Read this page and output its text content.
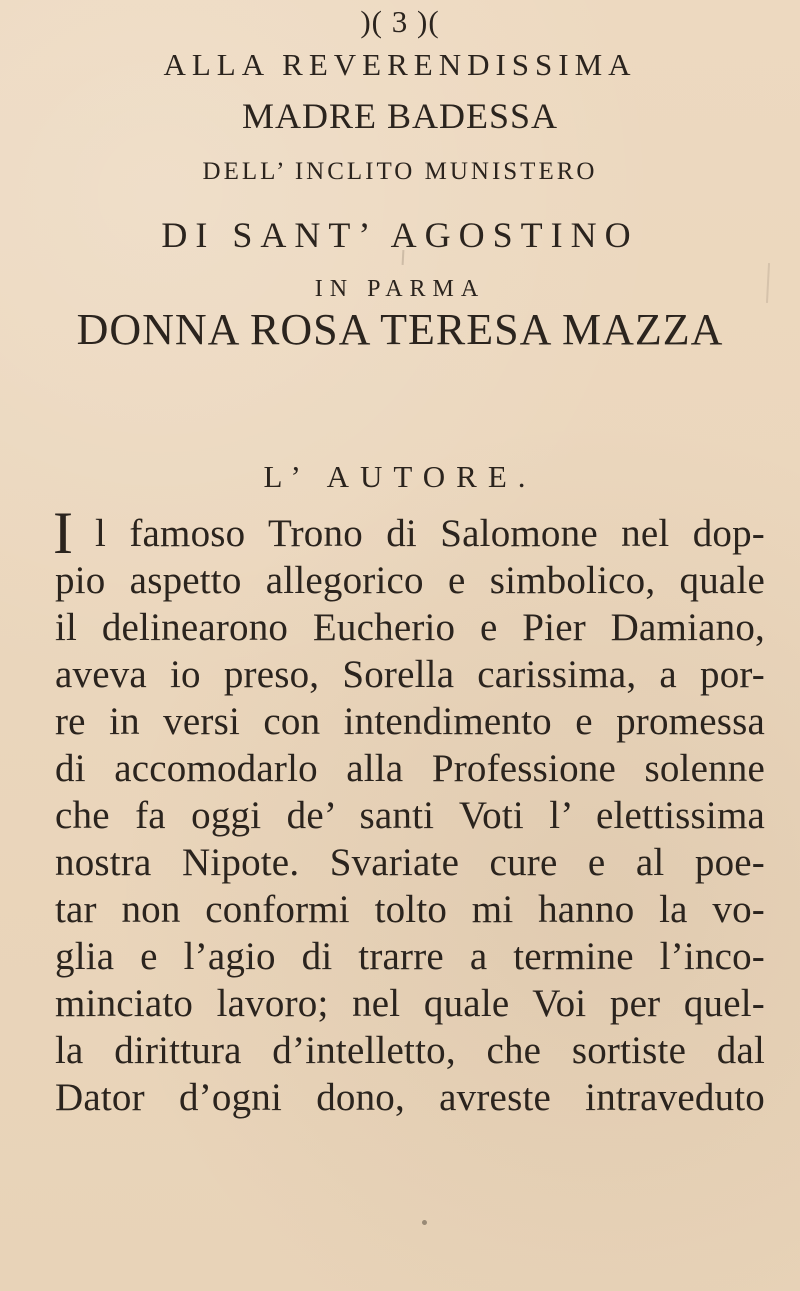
)( 3 )(
ALLA REVERENDISSIMA
MADRE BADESSA
DELL’ INCLITO MUNISTERO
DI SANT’ AGOSTINO
IN PARMA
DONNA ROSA TERESA MAZZA
L’ AUTORE.
I l famoso Trono di Salomone nel dop-
pio aspetto allegorico e simbolico, quale
il delinearono Eucherio e Pier Damiano,
aveva io preso, Sorella carissima, a por-
re in versi con intendimento e promessa
di accomodarlo alla Professione solenne
che fa oggi de’ santi Voti l’ elettissima
nostra Nipote. Svariate cure e al poe-
tar non conformi tolto mi hanno la vo-
glia e l’agio di trarre a termine l’inco-
minciato lavoro; nel quale Voi per quel-
la dirittura d’intelletto, che sortiste dal
Dator d’ogni dono, avreste intraveduto
